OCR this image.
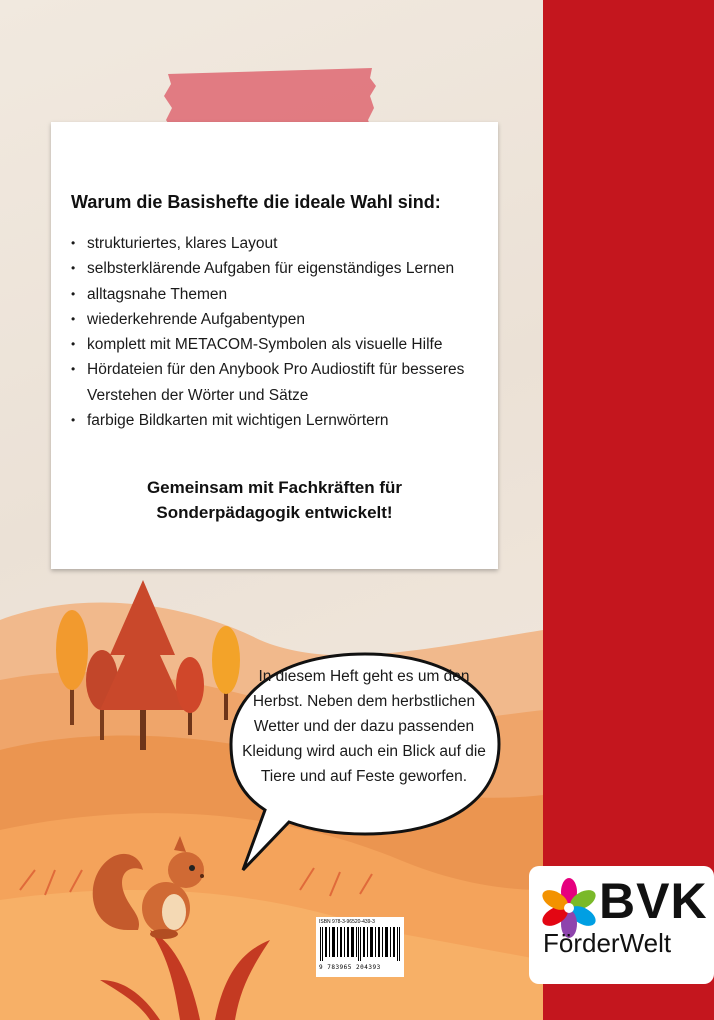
Warum die Basishefte die ideale Wahl sind:
• strukturiertes, klares Layout
• selbsterklärende Aufgaben für eigenständiges Lernen
• alltagsnahe Themen
• wiederkehrende Aufgabentypen
• komplett mit METACOM-Symbolen als visuelle Hilfe
• Hördateien für den Anybook Pro Audiostift für besseres Verstehen der Wörter und Sätze
• farbige Bildkarten mit wichtigen Lernwörtern

Gemeinsam mit Fachkräften für
Sonderpädagogik entwickelt!

In diesem Heft geht es um den Herbst. Neben dem herbstlichen Wetter und der dazu passenden Kleidung wird auch ein Blick auf die Tiere und auf Feste geworfen.

ISBN 978-3-96520-439-3
9 783965 204393
BVK
FörderWelt
